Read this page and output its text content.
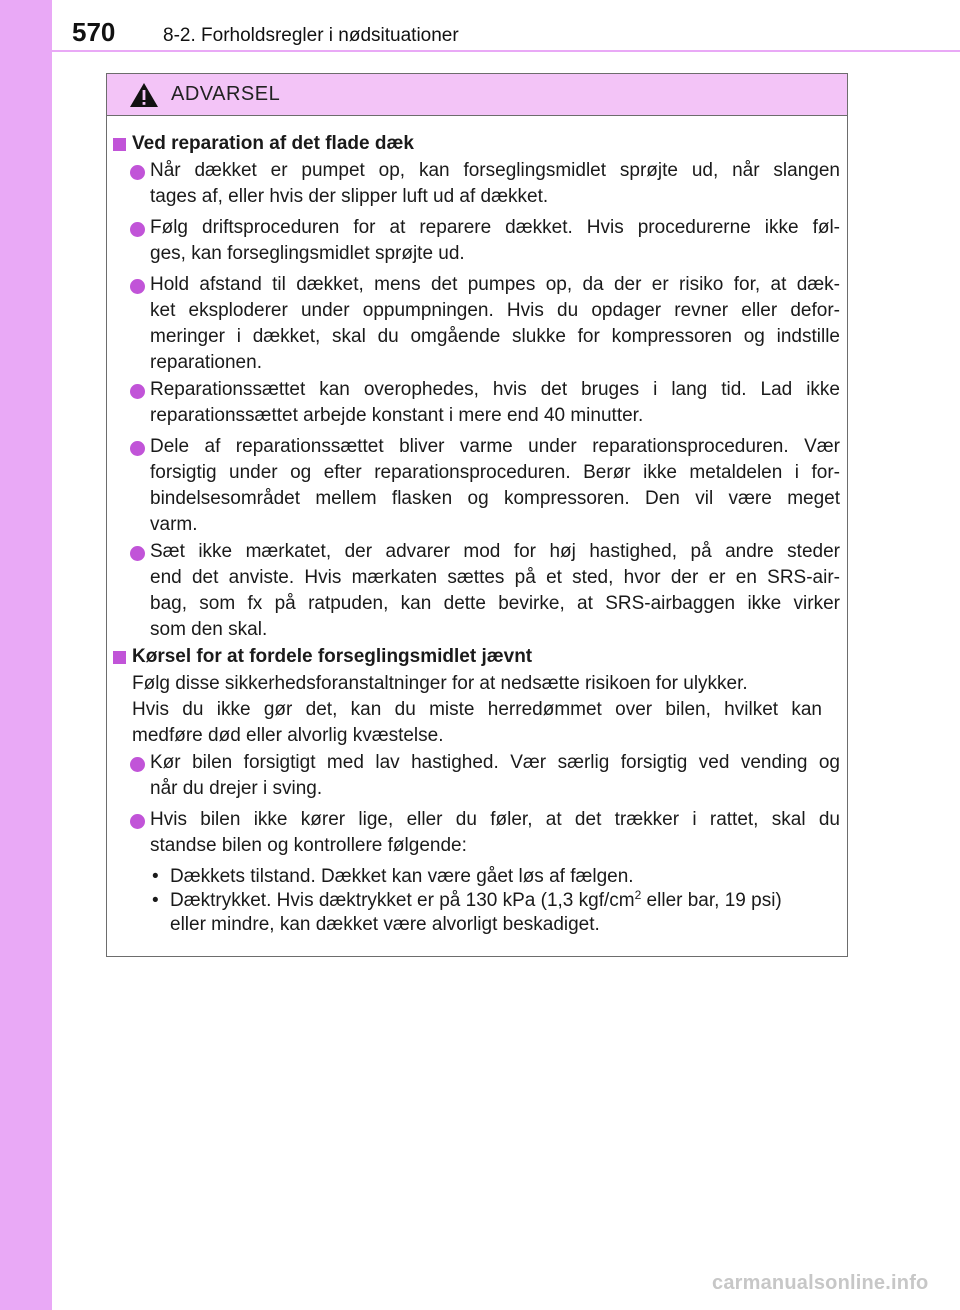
570	8-2. Forholdsregler i nødsituationer
ADVARSEL
Ved reparation af det flade dæk
Når dækket er pumpet op, kan forseglingsmidlet sprøjte ud, når slangen
tages af, eller hvis der slipper luft ud af dækket.
Følg driftsproceduren for at reparere dækket. Hvis procedurerne ikke føl-
ges, kan forseglingsmidlet sprøjte ud.
Hold afstand til dækket, mens det pumpes op, da der er risiko for, at dæk-
ket eksploderer under oppumpningen. Hvis du opdager revner eller defor-
meringer i dækket, skal du omgående slukke for kompressoren og indstille
reparationen.
Reparationssættet kan overophedes, hvis det bruges i lang tid. Lad ikke
reparationssættet arbejde konstant i mere end 40 minutter.
Dele af reparationssættet bliver varme under reparationsproceduren. Vær
forsigtig under og efter reparationsproceduren. Berør ikke metaldelen i for-
bindelsesområdet mellem flasken og kompressoren. Den vil være meget
varm.
Sæt ikke mærkatet, der advarer mod for høj hastighed, på andre steder
end det anviste. Hvis mærkaten sættes på et sted, hvor der er en SRS-air-
bag, som fx på ratpuden, kan dette bevirke, at SRS-airbaggen ikke virker
som den skal.
Kørsel for at fordele forseglingsmidlet jævnt
Følg disse sikkerhedsforanstaltninger for at nedsætte risikoen for ulykker.
Hvis du ikke gør det, kan du miste herredømmet over bilen, hvilket kan
medføre død eller alvorlig kvæstelse.
Kør bilen forsigtigt med lav hastighed. Vær særlig forsigtig ved vending og
når du drejer i sving.
Hvis bilen ikke kører lige, eller du føler, at det trækker i rattet, skal du
standse bilen og kontrollere følgende:
• Dækkets tilstand. Dækket kan være gået løs af fælgen.
• Dæktrykket. Hvis dæktrykket er på 130 kPa (1,3 kgf/$cm^2$ eller bar, 19 psi)
eller mindre, kan dækket være alvorligt beskadiget.
carmanualsonline.info
